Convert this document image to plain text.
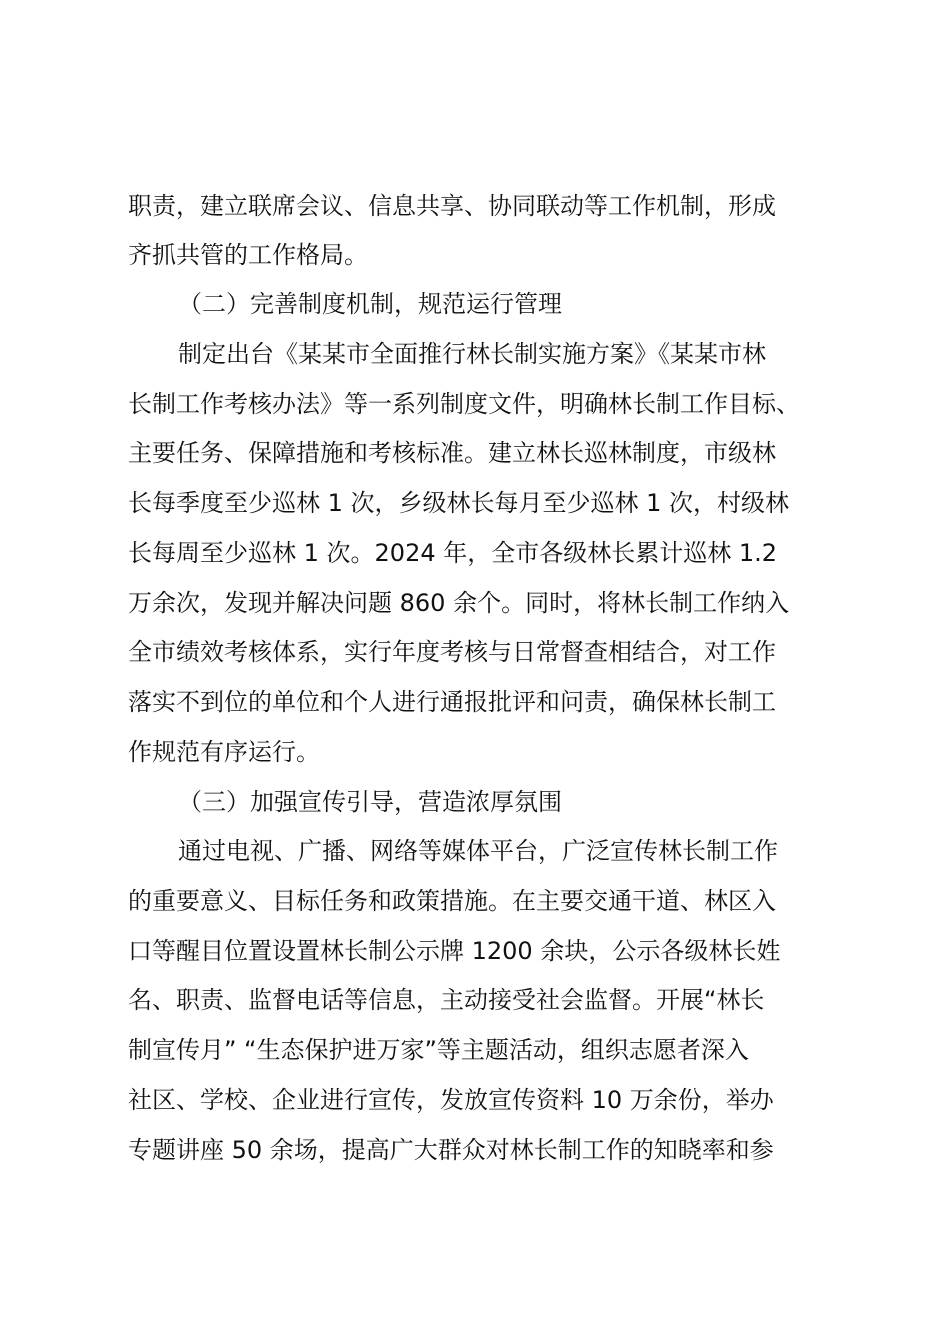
职责，建立联席会议、信息共享、协同联动等工作机制，形成
齐抓共管的工作格局。
（二）完善制度机制，规范运行管理
制定出台《某某市全面推行林长制实施方案》《某某市林
长制工作考核办法》等一系列制度文件，明确林长制工作目标、
主要任务、保障措施和考核标准。建立林长巡林制度，市级林
长每季度至少巡林 1 次，乡级林长每月至少巡林 1 次，村级林
长每周至少巡林 1 次。2024 年，全市各级林长累计巡林 1.2
万余次，发现并解决问题 860 余个。同时，将林长制工作纳入
全市绩效考核体系，实行年度考核与日常督查相结合，对工作
落实不到位的单位和个人进行通报批评和问责，确保林长制工
作规范有序运行。
（三）加强宣传引导，营造浓厚氛围
通过电视、广播、网络等媒体平台，广泛宣传林长制工作
的重要意义、目标任务和政策措施。在主要交通干道、林区入
口等醒目位置设置林长制公示牌 1200 余块，公示各级林长姓
名、职责、监督电话等信息，主动接受社会监督。开展“林长
制宣传月” “生态保护进万家”等主题活动，组织志愿者深入
社区、学校、企业进行宣传，发放宣传资料 10 万余份，举办
专题讲座 50 余场，提高广大群众对林长制工作的知晓率和参
